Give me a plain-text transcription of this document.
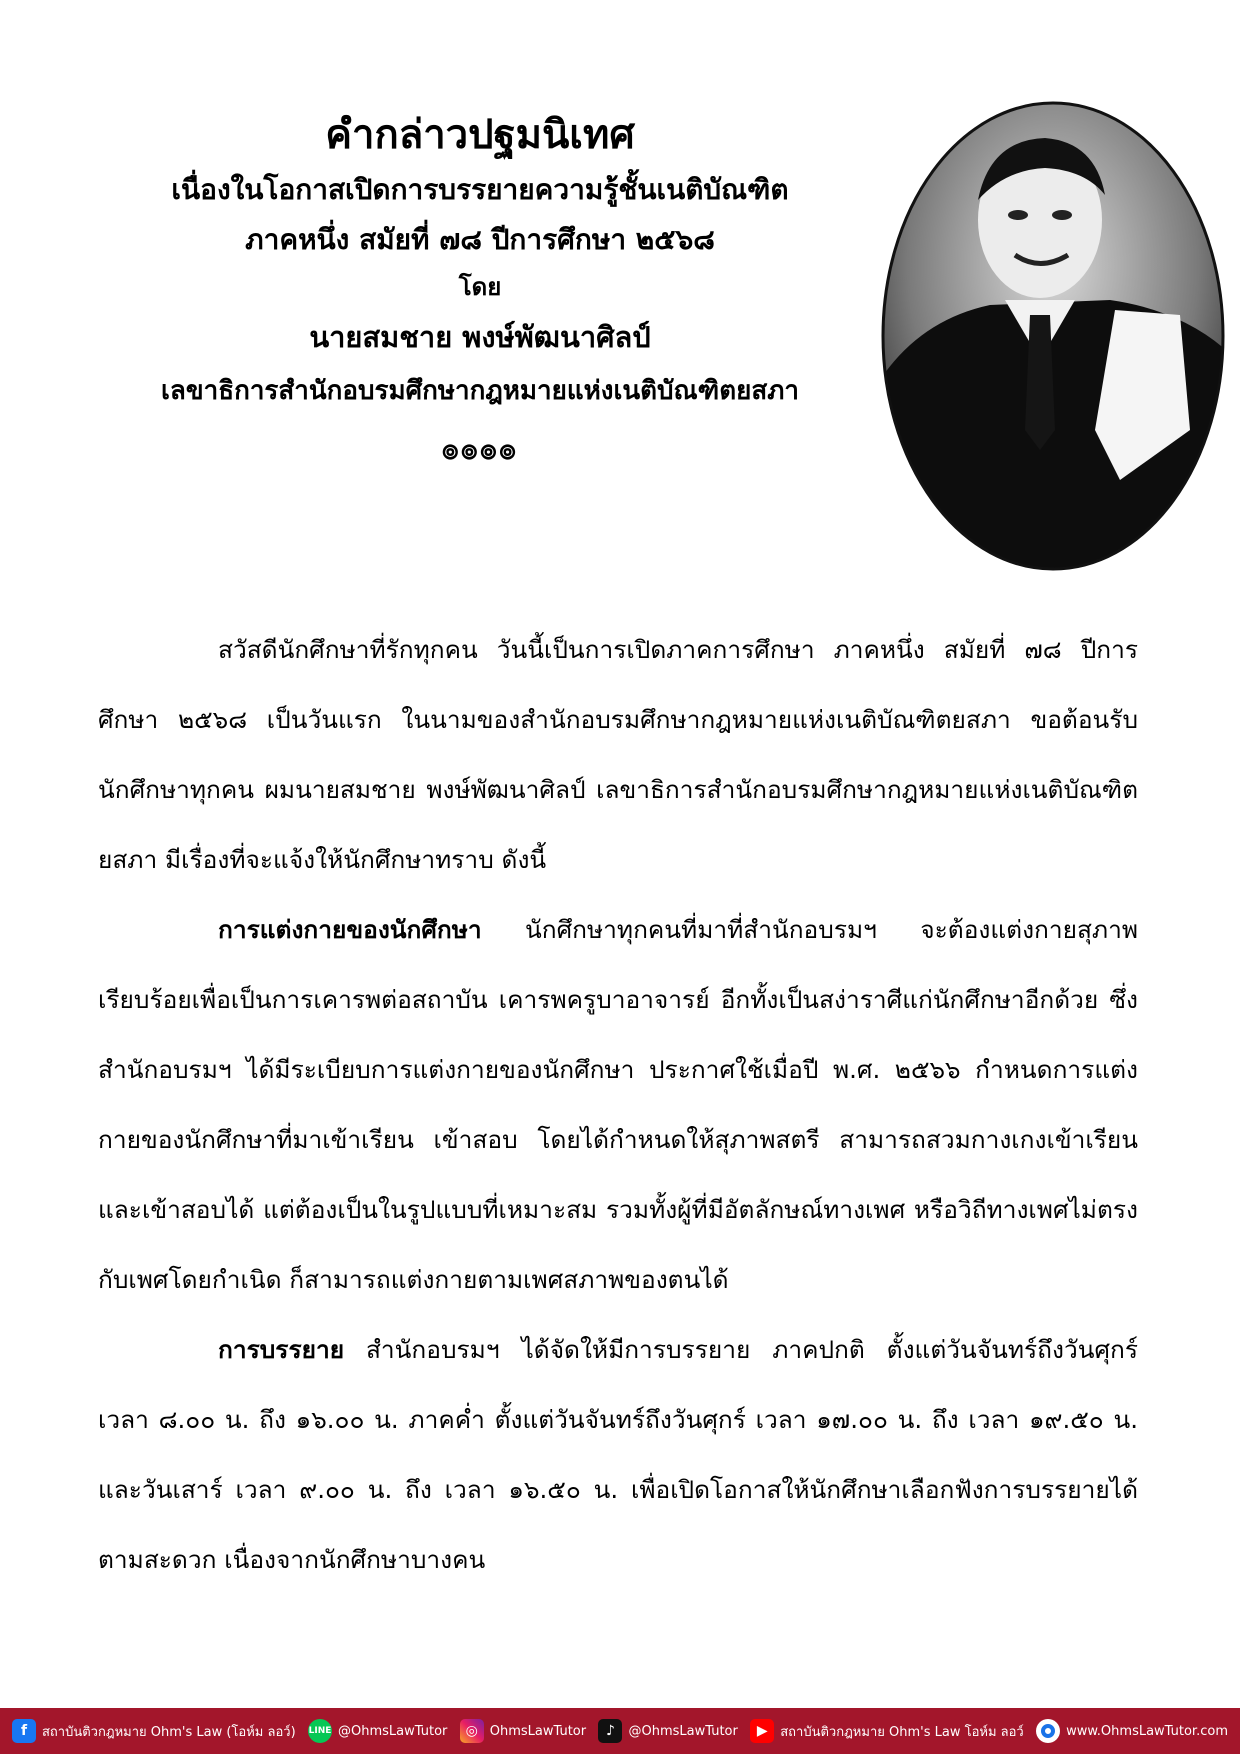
คำกล่าวปฐมนิเทศ
เนื่องในโอกาสเปิดการบรรยายความรู้ชั้นเนติบัณฑิต
ภาคหนึ่ง สมัยที่ ๗๘ ปีการศึกษา ๒๕๖๘
โดย
นายสมชาย พงษ์พัฒนาศิลป์
เลขาธิการสำนักอบรมศึกษากฎหมายแห่งเนติบัณฑิตยสภา
๏๏๏๏

สวัสดีนักศึกษาที่รักทุกคน วันนี้เป็นการเปิดภาคการศึกษา ภาคหนึ่ง สมัยที่ ๗๘ ปีการศึกษา ๒๕๖๘ เป็นวันแรก ในนามของสำนักอบรมศึกษากฎหมายแห่งเนติบัณฑิตยสภา ขอต้อนรับนักศึกษาทุกคน ผมนายสมชาย พงษ์พัฒนาศิลป์ เลขาธิการสำนักอบรมศึกษากฎหมายแห่งเนติบัณฑิตยสภา มีเรื่องที่จะแจ้งให้นักศึกษาทราบ ดังนี้

การแต่งกายของนักศึกษา นักศึกษาทุกคนที่มาที่สำนักอบรมฯ จะต้องแต่งกายสุภาพเรียบร้อยเพื่อเป็นการเคารพต่อสถาบัน เคารพครูบาอาจารย์ อีกทั้งเป็นสง่าราศีแก่นักศึกษาอีกด้วย ซึ่งสำนักอบรมฯ ได้มีระเบียบการแต่งกายของนักศึกษา ประกาศใช้เมื่อปี พ.ศ. ๒๕๖๖ กำหนดการแต่งกายของนักศึกษาที่มาเข้าเรียน เข้าสอบ โดยได้กำหนดให้สุภาพสตรี สามารถสวมกางเกงเข้าเรียนและเข้าสอบได้ แต่ต้องเป็นในรูปแบบที่เหมาะสม รวมทั้งผู้ที่มีอัตลักษณ์ทางเพศ หรือวิถีทางเพศไม่ตรงกับเพศโดยกำเนิด ก็สามารถแต่งกายตามเพศสภาพของตนได้

การบรรยาย สำนักอบรมฯ ได้จัดให้มีการบรรยาย ภาคปกติ ตั้งแต่วันจันทร์ถึงวันศุกร์ เวลา ๘.๐๐ น. ถึง ๑๖.๐๐ น. ภาคค่ำ ตั้งแต่วันจันทร์ถึงวันศุกร์ เวลา ๑๗.๐๐ น. ถึง เวลา ๑๙.๕๐ น. และวันเสาร์ เวลา ๙.๐๐ น. ถึง เวลา ๑๖.๕๐ น. เพื่อเปิดโอกาสให้นักศึกษาเลือกฟังการบรรยายได้ตามสะดวก เนื่องจากนักศึกษาบางคน

f	สถาบันติวกฎหมาย Ohm's Law (โอห์ม ลอว์) LINE @OhmsLawTutor	◎ OhmsLawTutor	♪	@OhmsLawTutor	▶ สถาบันติวกฎหมาย Ohm's Law โอห์ม ลอว์	www.OhmsLawTutor.com
